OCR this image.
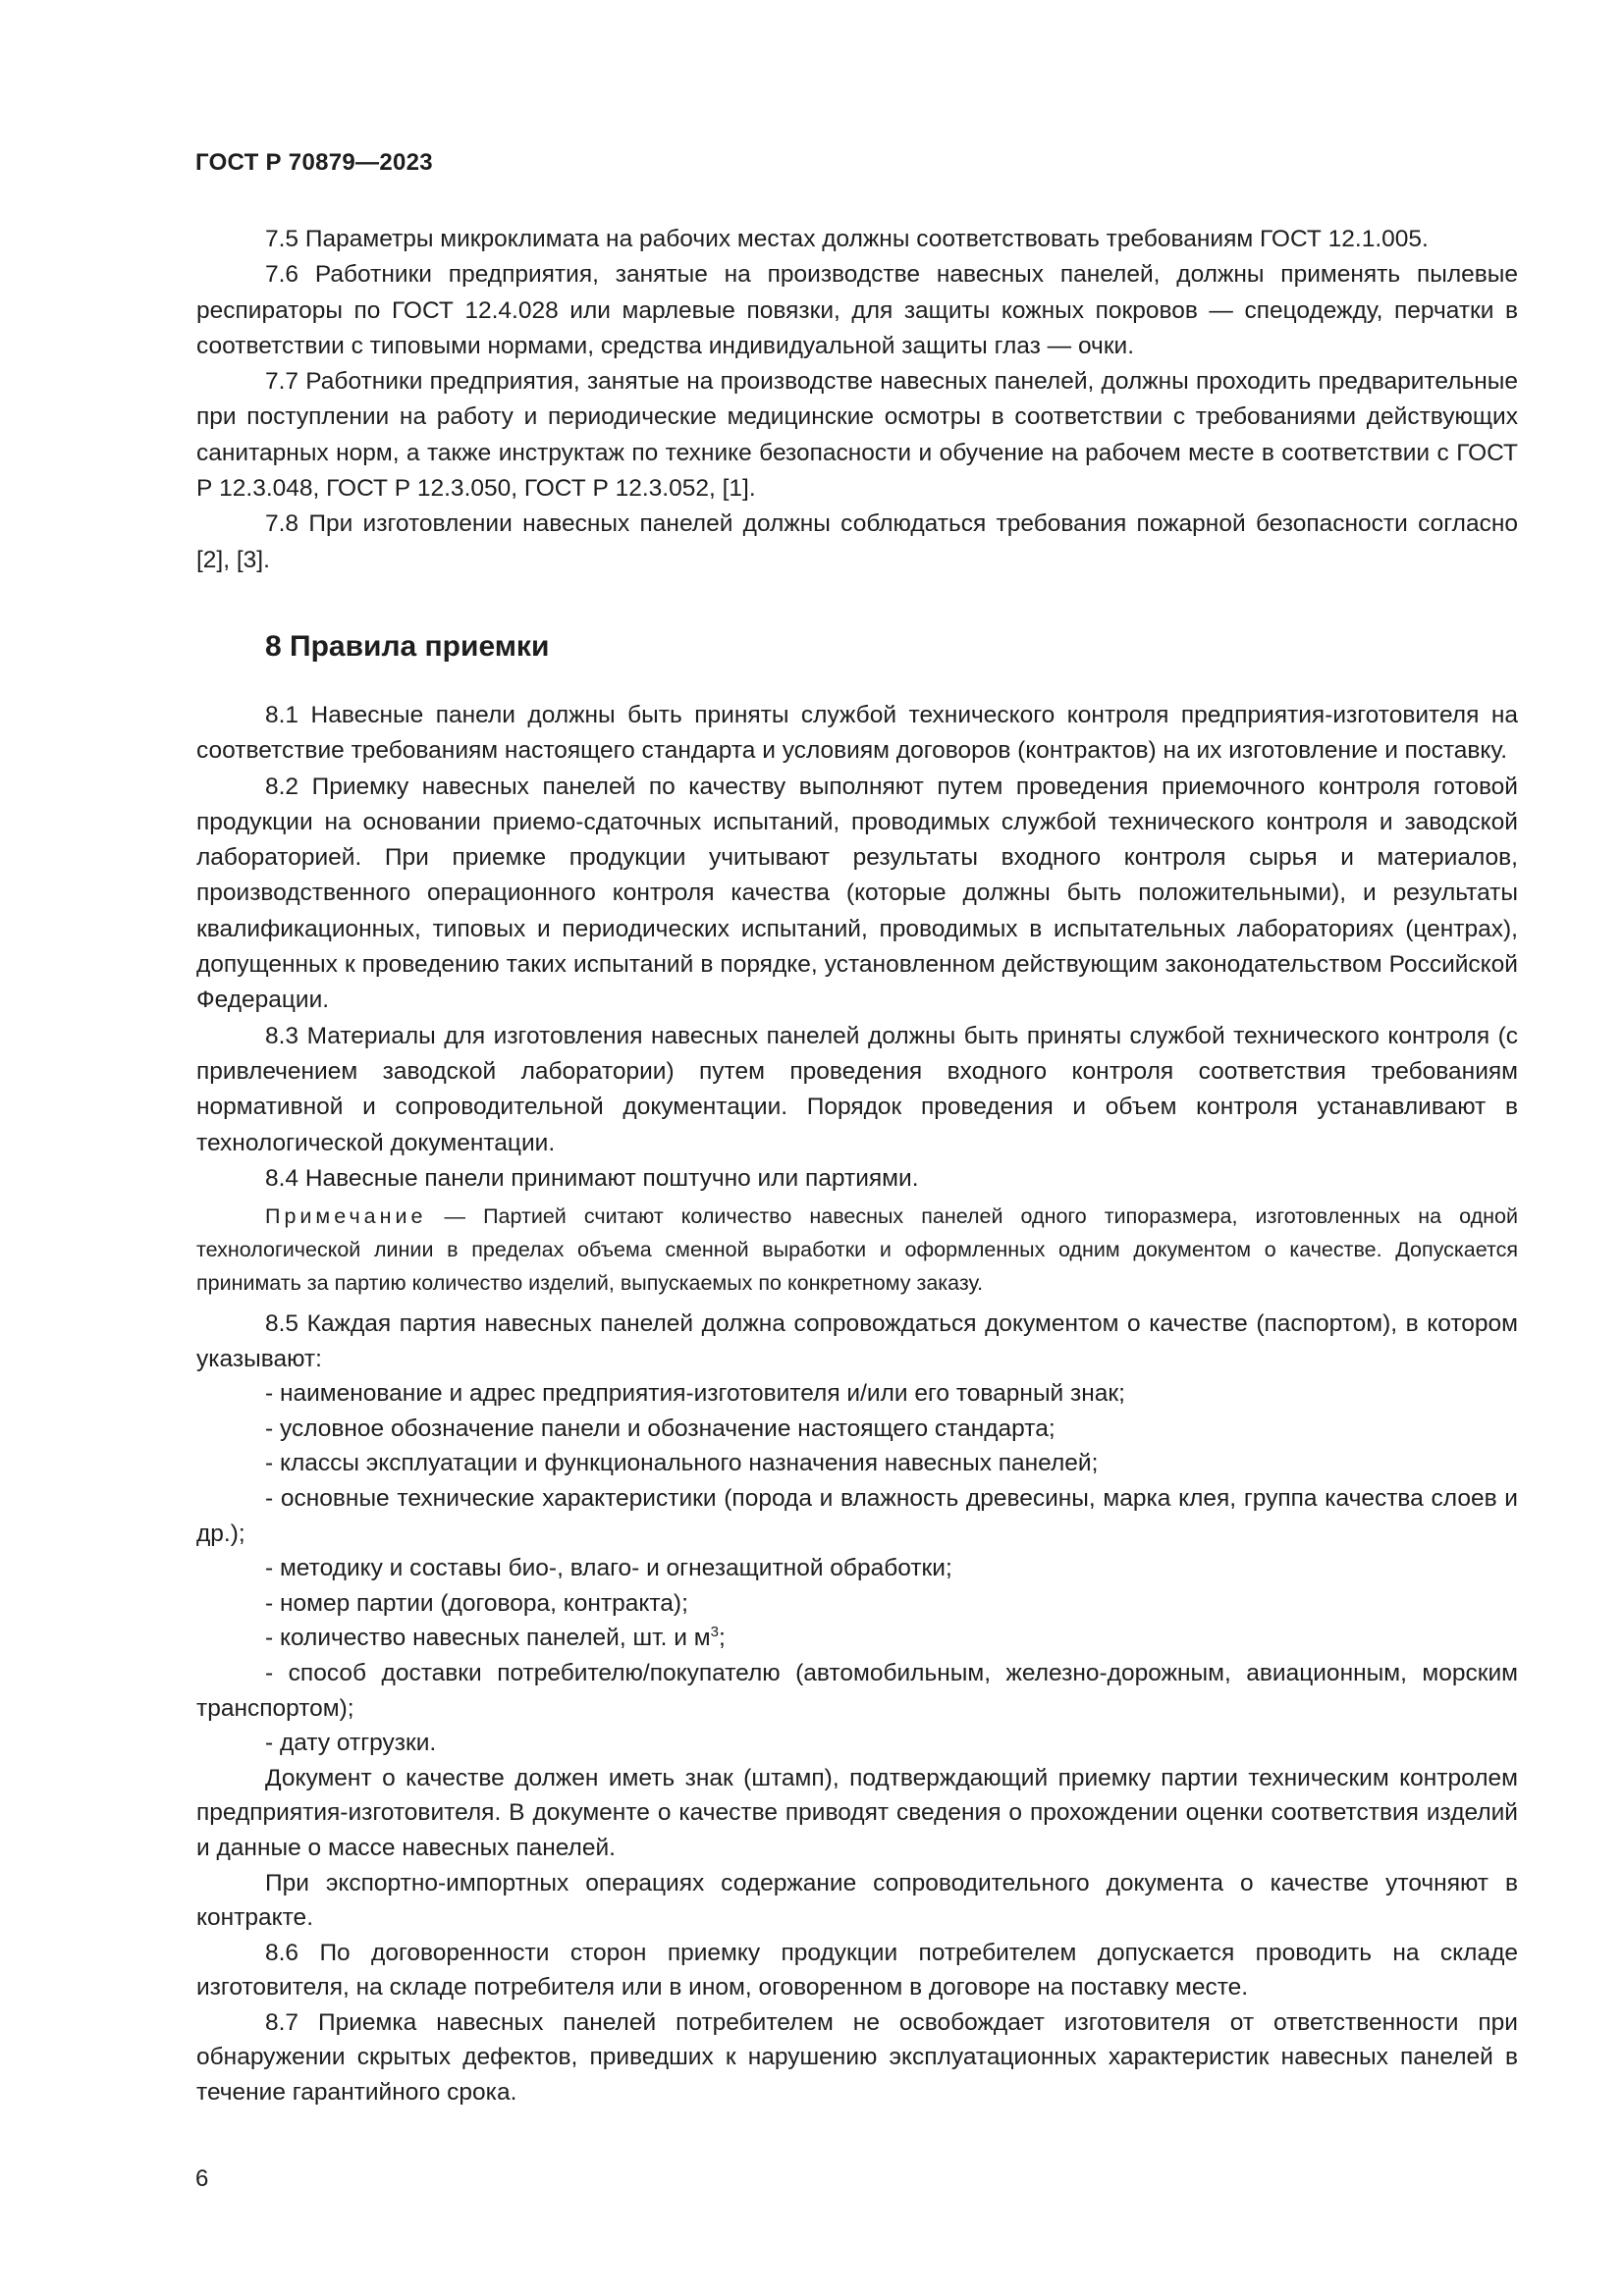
ГОСТ Р 70879—2023

7.5 Параметры микроклимата на рабочих местах должны соответствовать требованиям ГОСТ 12.1.005.

7.6 Работники предприятия, занятые на производстве навесных панелей, должны применять пылевые респираторы по ГОСТ 12.4.028 или марлевые повязки, для защиты кожных покровов — спецодежду, перчатки в соответствии с типовыми нормами, средства индивидуальной защиты глаз — очки.

7.7 Работники предприятия, занятые на производстве навесных панелей, должны проходить предварительные при поступлении на работу и периодические медицинские осмотры в соответствии с требованиями действующих санитарных норм, а также инструктаж по технике безопасности и обучение на рабочем месте в соответствии с ГОСТ Р 12.3.048, ГОСТ Р 12.3.050, ГОСТ Р 12.3.052, [1].

7.8 При изготовлении навесных панелей должны соблюдаться требования пожарной безопасности согласно [2], [3].

8 Правила приемки

8.1 Навесные панели должны быть приняты службой технического контроля предприятия-изготовителя на соответствие требованиям настоящего стандарта и условиям договоров (контрактов) на их изготовление и поставку.

8.2 Приемку навесных панелей по качеству выполняют путем проведения приемочного контроля готовой продукции на основании приемо-сдаточных испытаний, проводимых службой технического контроля и заводской лабораторией. При приемке продукции учитывают результаты входного контроля сырья и материалов, производственного операционного контроля качества (которые должны быть положительными), и результаты квалификационных, типовых и периодических испытаний, проводимых в испытательных лабораториях (центрах), допущенных к проведению таких испытаний в порядке, установленном действующим законодательством Российской Федерации.

8.3 Материалы для изготовления навесных панелей должны быть приняты службой технического контроля (с привлечением заводской лаборатории) путем проведения входного контроля соответствия требованиям нормативной и сопроводительной документации. Порядок проведения и объем контроля устанавливают в технологической документации.

8.4 Навесные панели принимают поштучно или партиями.

Примечание — Партией считают количество навесных панелей одного типоразмера, изготовленных на одной технологической линии в пределах объема сменной выработки и оформленных одним документом о качестве. Допускается принимать за партию количество изделий, выпускаемых по конкретному заказу.

8.5 Каждая партия навесных панелей должна сопровождаться документом о качестве (паспортом), в котором указывают:

- наименование и адрес предприятия-изготовителя и/или его товарный знак;

- условное обозначение панели и обозначение настоящего стандарта;

- классы эксплуатации и функционального назначения навесных панелей;

- основные технические характеристики (порода и влажность древесины, марка клея, группа качества слоев и др.);

- методику и составы био-, влаго- и огнезащитной обработки;

- номер партии (договора, контракта);

- количество навесных панелей, шт. и $м^3$;

- способ доставки потребителю/покупателю (автомобильным, железно-дорожным, авиационным, морским транспортом);

- дату отгрузки.

Документ о качестве должен иметь знак (штамп), подтверждающий приемку партии техническим контролем предприятия-изготовителя. В документе о качестве приводят сведения о прохождении оценки соответствия изделий и данные о массе навесных панелей.

При экспортно-импортных операциях содержание сопроводительного документа о качестве уточняют в контракте.

8.6 По договоренности сторон приемку продукции потребителем допускается проводить на складе изготовителя, на складе потребителя или в ином, оговоренном в договоре на поставку месте.

8.7 Приемка навесных панелей потребителем не освобождает изготовителя от ответственности при обнаружении скрытых дефектов, приведших к нарушению эксплуатационных характеристик навесных панелей в течение гарантийного срока.

6
